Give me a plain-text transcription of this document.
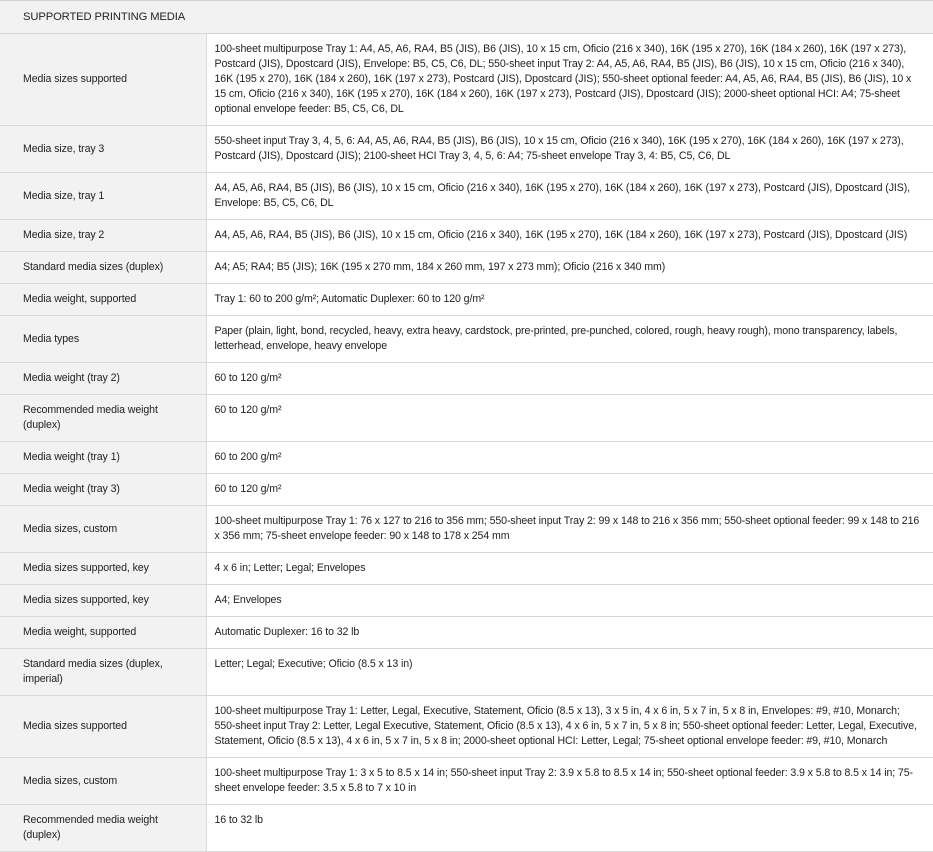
SUPPORTED PRINTING MEDIA	
Media sizes supported	100-sheet multipurpose Tray 1: A4, A5, A6, RA4, B5 (JIS), B6 (JIS), 10 x 15 cm, Oficio (216 x 340), 16K (195 x 270), 16K (184 x 260), 16K (197 x 273), Postcard (JIS), Dpostcard (JIS), Envelope: B5, C5, C6, DL; 550-sheet input Tray 2: A4, A5, A6, RA4, B5 (JIS), B6 (JIS), 10 x 15 cm, Oficio (216 x 340), 16K (195 x 270), 16K (184 x 260), 16K (197 x 273), Postcard (JIS), Dpostcard (JIS); 550-sheet optional feeder: A4, A5, A6, RA4, B5 (JIS), B6 (JIS), 10 x 15 cm, Oficio (216 x 340), 16K (195 x 270), 16K (184 x 260), 16K (197 x 273), Postcard (JIS), Dpostcard (JIS); 2000-sheet optional HCI: A4; 75-sheet optional envelope feeder: B5, C5, C6, DL
Media size, tray 3	550-sheet input Tray 3, 4, 5, 6: A4, A5, A6, RA4, B5 (JIS), B6 (JIS), 10 x 15 cm, Oficio (216 x 340), 16K (195 x 270), 16K (184 x 260), 16K (197 x 273), Postcard (JIS), Dpostcard (JIS); 2100-sheet HCI Tray 3, 4, 5, 6: A4; 75-sheet envelope Tray 3, 4: B5, C5, C6, DL
Media size, tray 1	A4, A5, A6, RA4, B5 (JIS), B6 (JIS), 10 x 15 cm, Oficio (216 x 340), 16K (195 x 270), 16K (184 x 260), 16K (197 x 273), Postcard (JIS), Dpostcard (JIS), Envelope: B5, C5, C6, DL
Media size, tray 2	A4, A5, A6, RA4, B5 (JIS), B6 (JIS), 10 x 15 cm, Oficio (216 x 340), 16K (195 x 270), 16K (184 x 260), 16K (197 x 273), Postcard (JIS), Dpostcard (JIS)
Standard media sizes (duplex)	A4; A5; RA4; B5 (JIS); 16K (195 x 270 mm, 184 x 260 mm, 197 x 273 mm); Oficio (216 x 340 mm)
Media weight, supported	Tray 1: 60 to 200 g/m²; Automatic Duplexer: 60 to 120 g/m²
Media types	Paper (plain, light, bond, recycled, heavy, extra heavy, cardstock, pre-printed, pre-punched, colored, rough, heavy rough), mono transparency, labels, letterhead, envelope, heavy envelope
Media weight (tray 2)	60 to 120 g/m²
Recommended media weight (duplex)	60 to 120 g/m²
Media weight (tray 1)	60 to 200 g/m²
Media weight (tray 3)	60 to 120 g/m²
Media sizes, custom	100-sheet multipurpose Tray 1: 76 x 127 to 216 to 356 mm; 550-sheet input Tray 2: 99 x 148 to 216 x 356 mm; 550-sheet optional feeder: 99 x 148 to 216 x 356 mm; 75-sheet envelope feeder: 90 x 148 to 178 x 254 mm
Media sizes supported, key	4 x 6 in; Letter; Legal; Envelopes
Media sizes supported, key	A4; Envelopes
Media weight, supported	Automatic Duplexer: 16 to 32 lb
Standard media sizes (duplex, imperial)	Letter; Legal; Executive; Oficio (8.5 x 13 in)
Media sizes supported	100-sheet multipurpose Tray 1: Letter, Legal, Executive, Statement, Oficio (8.5 x 13), 3 x 5 in, 4 x 6 in, 5 x 7 in, 5 x 8 in, Envelopes: #9, #10, Monarch; 550-sheet input Tray 2: Letter, Legal Executive, Statement, Oficio (8.5 x 13), 4 x 6 in, 5 x 7 in, 5 x 8 in; 550-sheet optional feeder: Letter, Legal, Executive, Statement, Oficio (8.5 x 13), 4 x 6 in, 5 x 7 in, 5 x 8 in; 2000-sheet optional HCI: Letter, Legal; 75-sheet optional envelope feeder: #9, #10, Monarch
Media sizes, custom	100-sheet multipurpose Tray 1: 3 x 5 to 8.5 x 14 in; 550-sheet input Tray 2: 3.9 x 5.8 to 8.5 x 14 in; 550-sheet optional feeder: 3.9 x 5.8 to 8.5 x 14 in; 75-sheet envelope feeder: 3.5 x 5.8 to 7 x 10 in
Recommended media weight (duplex)	16 to 32 lb
